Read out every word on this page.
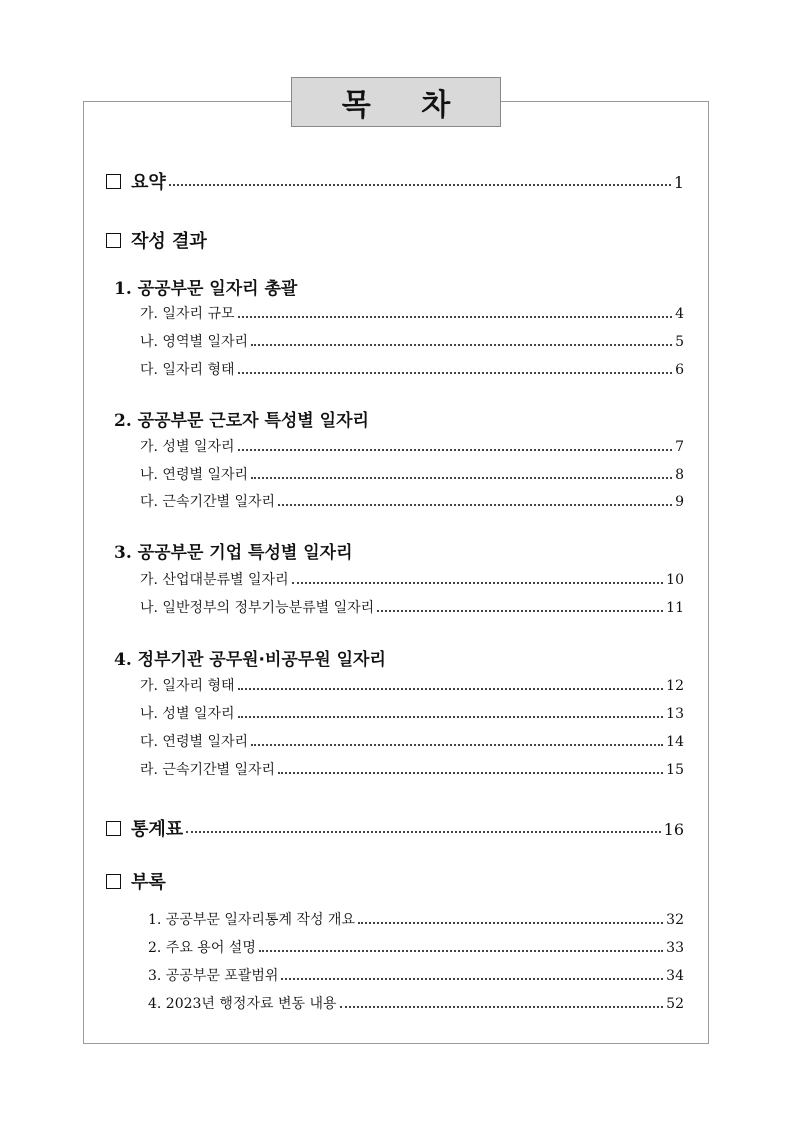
목 차
요약	1
작성 결과
1.
공공부문 일자리 총괄
가. 일자리 규모	4
나. 영역별 일자리	5
다. 일자리 형태	6
2.
공공부문 근로자 특성별 일자리
가. 성별 일자리	7
나. 연령별 일자리	8
다. 근속기간별 일자리	9
3.
공공부문 기업 특성별 일자리
가. 산업대분류별 일자리	10
나. 일반정부의 정부기능분류별 일자리	11
4.
정부기관 공무원·비공무원 일자리
가. 일자리 형태	12
나. 성별 일자리	13
다. 연령별 일자리	14
라. 근속기간별 일자리	15
통계표	16
부록
1. 공공부문 일자리통계 작성 개요	32
2. 주요 용어 설명	33
3. 공공부문 포괄범위	34
4. 2023년 행정자료 변동 내용	52
